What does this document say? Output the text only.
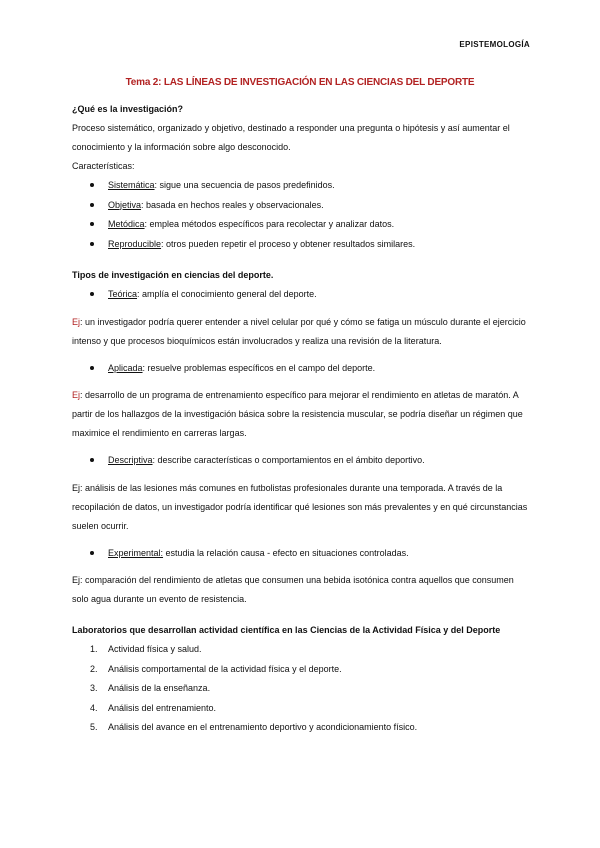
EPISTEMOLOGÍA
Tema 2: LAS LÍNEAS DE INVESTIGACIÓN EN LAS CIENCIAS DEL DEPORTE

¿Qué es la investigación?

Proceso sistemático, organizado y objetivo, destinado a responder una pregunta o hipótesis y así aumentar el conocimiento y la información sobre algo desconocido.

Características:

Sistemática: sigue una secuencia de pasos predefinidos.
Objetiva: basada en hechos reales y observacionales.
Metódica: emplea métodos específicos para recolectar y analizar datos.
Reproducible: otros pueden repetir el proceso y obtener resultados similares.

Tipos de investigación en ciencias del deporte.

Teórica: amplía el conocimiento general del deporte.

Ej: un investigador podría querer entender a nivel celular por qué y cómo se fatiga un músculo durante el ejercicio intenso y que procesos bioquímicos están involucrados y realiza una revisión de la literatura.

Aplicada: resuelve problemas específicos en el campo del deporte.

Ej: desarrollo de un programa de entrenamiento específico para mejorar el rendimiento en atletas de maratón. A partir de los hallazgos de la investigación básica sobre la resistencia muscular, se podría diseñar un régimen que maximice el rendimiento en carreras largas.

Descriptiva: describe características o comportamientos en el ámbito deportivo.

Ej: análisis de las lesiones más comunes en futbolistas profesionales durante una temporada. A través de la recopilación de datos, un investigador podría identificar qué lesiones son más prevalentes y en qué circunstancias suelen ocurrir.

Experimental: estudia la relación causa - efecto en situaciones controladas.

Ej: comparación del rendimiento de atletas que consumen una bebida isotónica contra aquellos que consumen solo agua durante un evento de resistencia.

Laboratorios que desarrollan actividad científica en las Ciencias de la Actividad Física y del Deporte

1. Actividad física y salud.
2. Análisis comportamental de la actividad física y el deporte.
3. Análisis de la enseñanza.
4. Análisis del entrenamiento.
5. Análisis del avance en el entrenamiento deportivo y acondicionamiento físico.
